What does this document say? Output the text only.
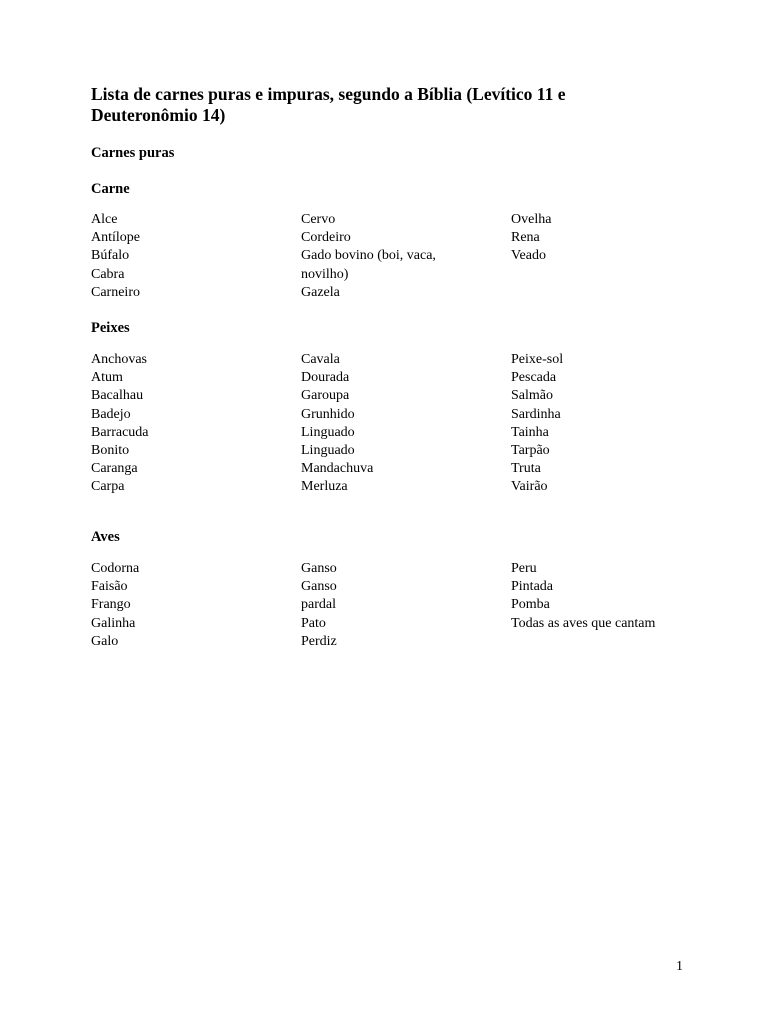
Lista de carnes puras e impuras, segundo a Bíblia (Levítico 11 e Deuteronômio 14)
Carnes puras
Carne
Alce
Antílope
Búfalo
Cabra
Carneiro
Cervo
Cordeiro
Gado bovino (boi, vaca, novilho)
Gazela
Ovelha
Rena
Veado
Peixes
Anchovas
Atum
Bacalhau
Badejo
Barracuda
Bonito
Caranga
Carpa
Cavala
Dourada
Garoupa
Grunhido
Linguado
Linguado
Mandachuva
Merluza
Peixe-sol
Pescada
Salmão
Sardinha
Tainha
Tarpão
Truta
Vairão
Aves
Codorna
Faisão
Frango
Galinha
Galo
Ganso
Ganso
pardal
Pato
Perdiz
Peru
Pintada
Pomba
Todas as aves que cantam
1
